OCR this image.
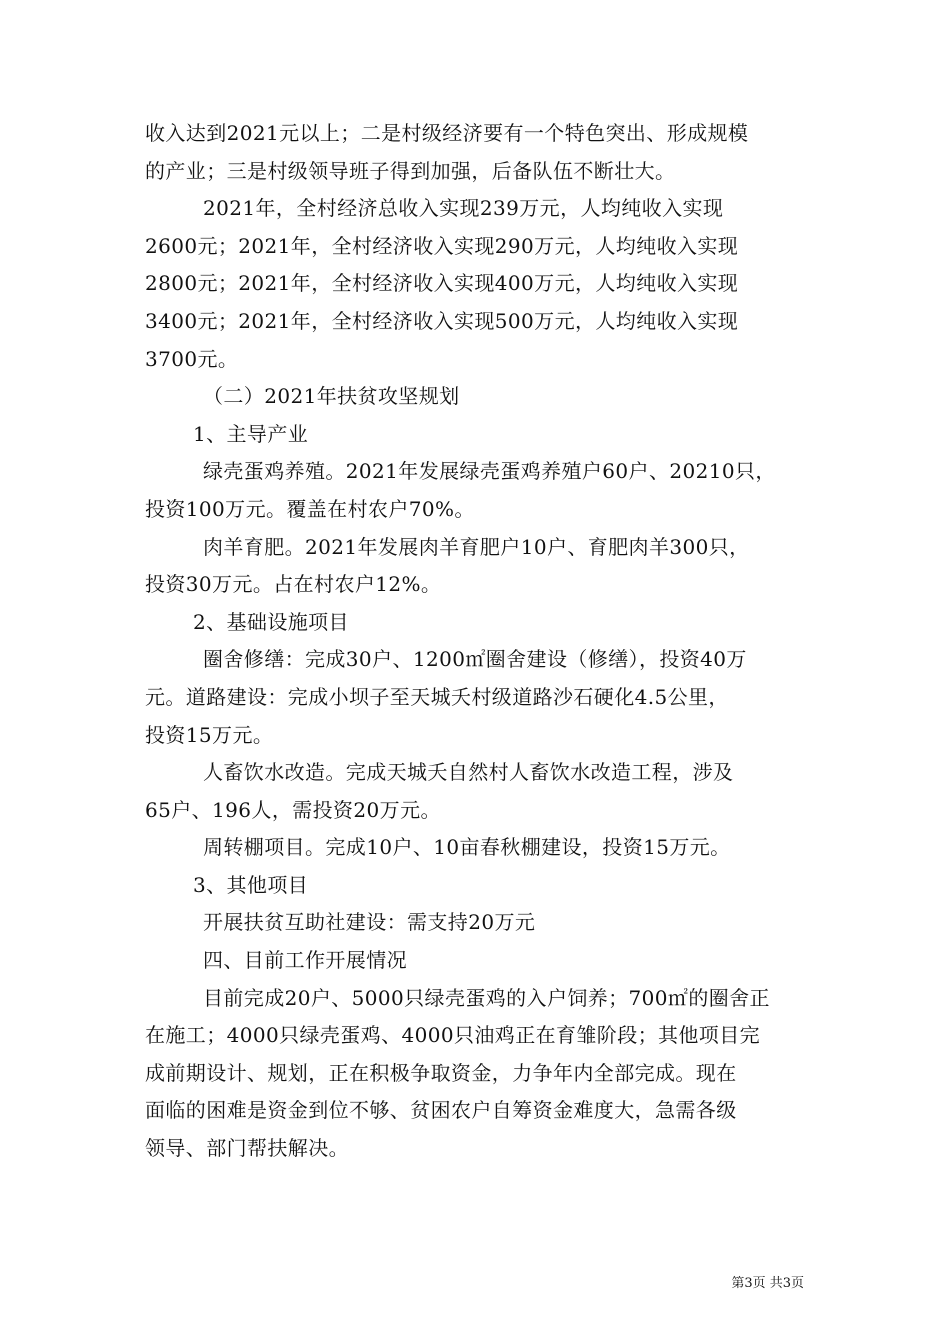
收入达到2021元以上；二是村级经济要有一个特色突出、形成规模
的产业；三是村级领导班子得到加强，后备队伍不断壮大。
2021年，全村经济总收入实现239万元，人均纯收入实现
2600元；2021年，全村经济收入实现290万元，人均纯收入实现
2800元；2021年，全村经济收入实现400万元，人均纯收入实现
3400元；2021年，全村经济收入实现500万元，人均纯收入实现
3700元。
（二）2021年扶贫攻坚规划
1、主导产业
绿壳蛋鸡养殖。2021年发展绿壳蛋鸡养殖户60户、20210只，
投资100万元。覆盖在村农户70%。
肉羊育肥。2021年发展肉羊育肥户10户、育肥肉羊300只，
投资30万元。占在村农户12%。
2、基础设施项目
圈舍修缮：完成30户、1200㎡圈舍建设（修缮），投资40万
元。道路建设：完成小坝子至天城夭村级道路沙石硬化4.5公里，
投资15万元。
人畜饮水改造。完成天城夭自然村人畜饮水改造工程，涉及
65户、196人，需投资20万元。
周转棚项目。完成10户、10亩春秋棚建设，投资15万元。
3、其他项目
开展扶贫互助社建设：需支持20万元
四、目前工作开展情况
目前完成20户、5000只绿壳蛋鸡的入户饲养；700㎡的圈舍正
在施工；4000只绿壳蛋鸡、4000只油鸡正在育雏阶段；其他项目完
成前期设计、规划，正在积极争取资金，力争年内全部完成。现在
面临的困难是资金到位不够、贫困农户自筹资金难度大，急需各级
领导、部门帮扶解决。
第3页 共3页
